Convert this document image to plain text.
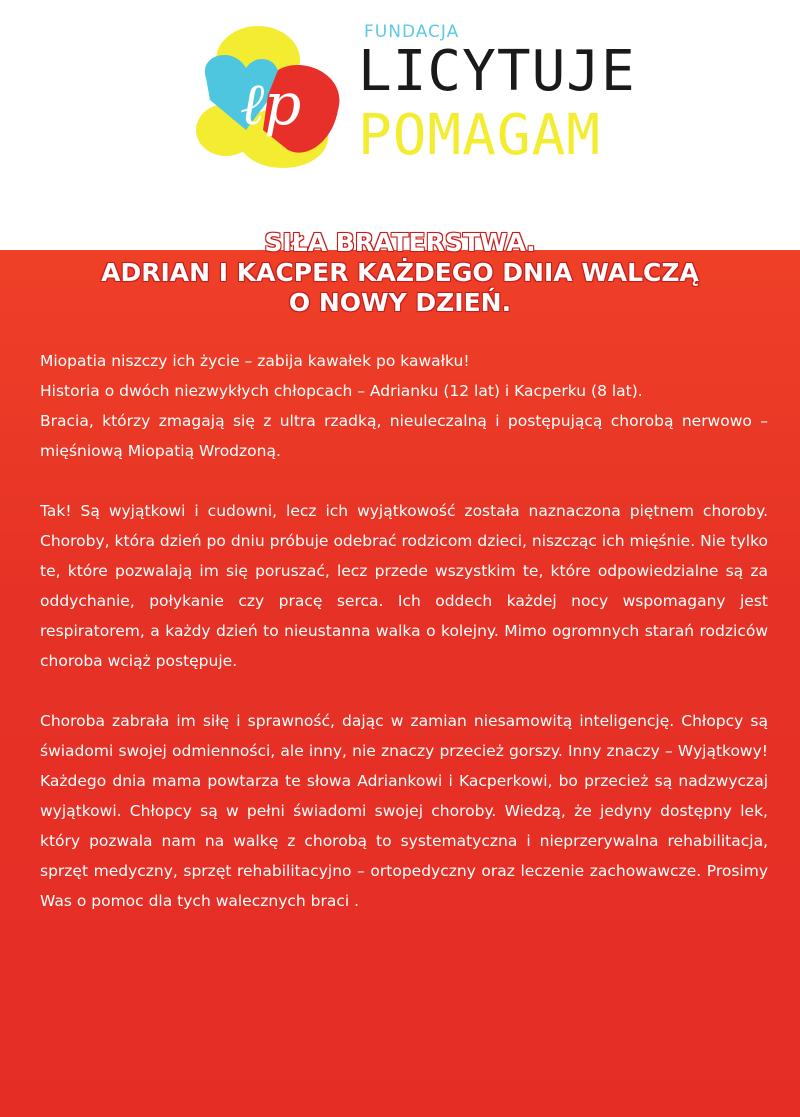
ℓp
FUNDACJA
LICYTUJE
POMAGAM
SIŁA BRATERSTWA.
ADRIAN I KACPER KAŻDEGO DNIA WALCZĄ
O NOWY DZIEŃ.

Miopatia niszczy ich życie – zabija kawałek po kawałku!

Historia o dwóch niezwykłych chłopcach – Adrianku (12 lat) i Kacperku (8 lat).

Bracia, którzy zmagają się z ultra rzadką, nieuleczalną i postępującą chorobą nerwowo – mięśniową Miopatią Wrodzoną.

Tak! Są wyjątkowi i cudowni, lecz ich wyjątkowość została naznaczona piętnem choroby. Choroby, która dzień po dniu próbuje odebrać rodzicom dzieci, niszcząc ich mięśnie. Nie tylko te, które pozwalają im się poruszać, lecz przede wszystkim te, które odpowiedzialne są za oddychanie, połykanie czy pracę serca. Ich oddech każdej nocy wspomagany jest respiratorem, a każdy dzień to nieustanna walka o kolejny. Mimo ogromnych starań rodziców choroba wciąż postępuje.

Choroba zabrała im siłę i sprawność, dając w zamian niesamowitą inteligencję. Chłopcy są świadomi swojej odmienności, ale inny, nie znaczy przecież gorszy. Inny znaczy – Wyjątkowy! Każdego dnia mama powtarza te słowa Adriankowi i Kacperkowi, bo przecież są nadzwyczaj wyjątkowi. Chłopcy są w pełni świadomi swojej choroby. Wiedzą, że jedyny dostępny lek, który pozwala nam na walkę z chorobą to systematyczna i nieprzerywalna rehabilitacja, sprzęt medyczny, sprzęt rehabilitacyjno – ortopedyczny oraz leczenie zachowawcze. Prosimy Was o pomoc dla tych walecznych braci .
